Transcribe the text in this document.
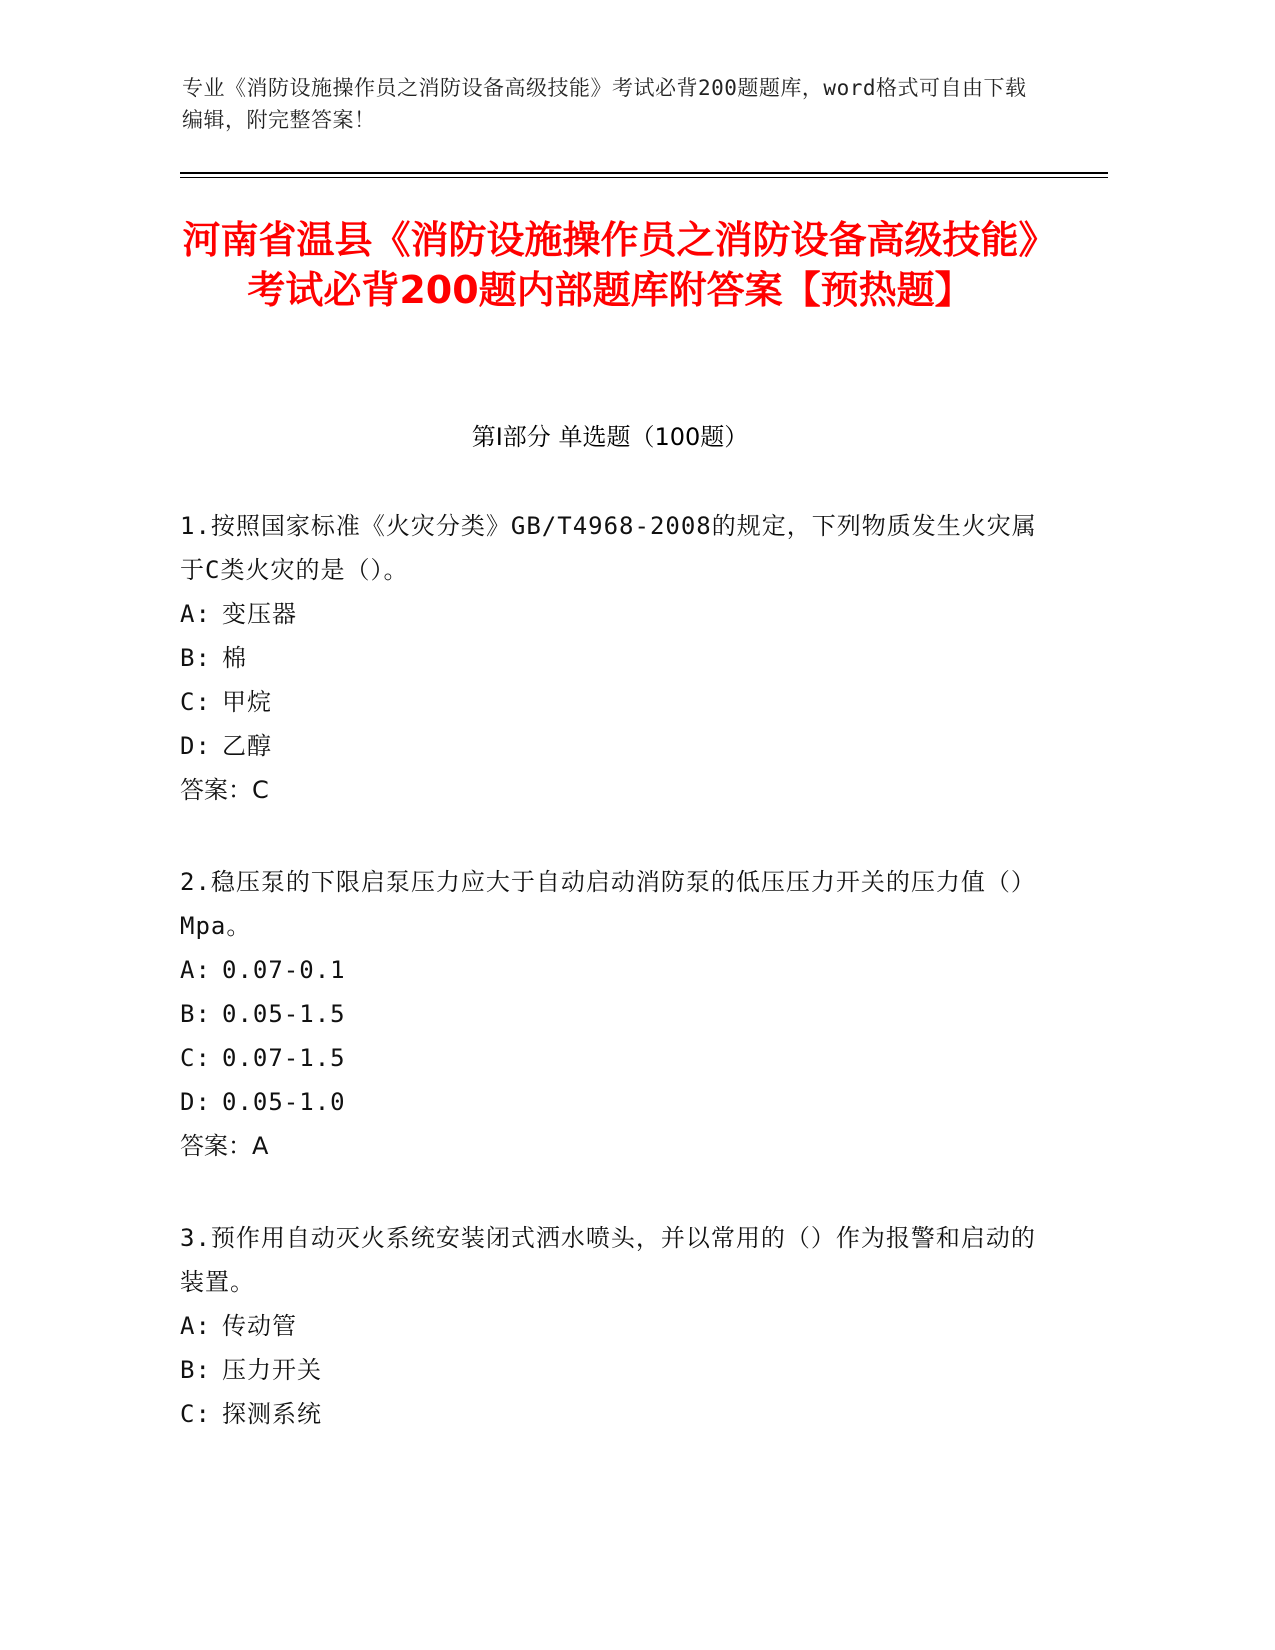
专业《消防设施操作员之消防设备高级技能》考试必背200题题库，word格式可自由下载编辑，附完整答案！
河南省温县《消防设施操作员之消防设备高级技能》考试必背200题内部题库附答案【预热题】
第I部分 单选题（100题）
1.按照国家标准《火灾分类》GB/T4968-2008的规定，下列物质发生火灾属于C类火灾的是（）。
A: 变压器
B: 棉
C: 甲烷
D: 乙醇
答案：C
2.稳压泵的下限启泵压力应大于自动启动消防泵的低压压力开关的压力值（）Mpa。
A: 0.07-0.1
B: 0.05-1.5
C: 0.07-1.5
D: 0.05-1.0
答案：A
3.预作用自动灭火系统安装闭式洒水喷头，并以常用的（）作为报警和启动的装置。
A: 传动管
B: 压力开关
C: 探测系统
